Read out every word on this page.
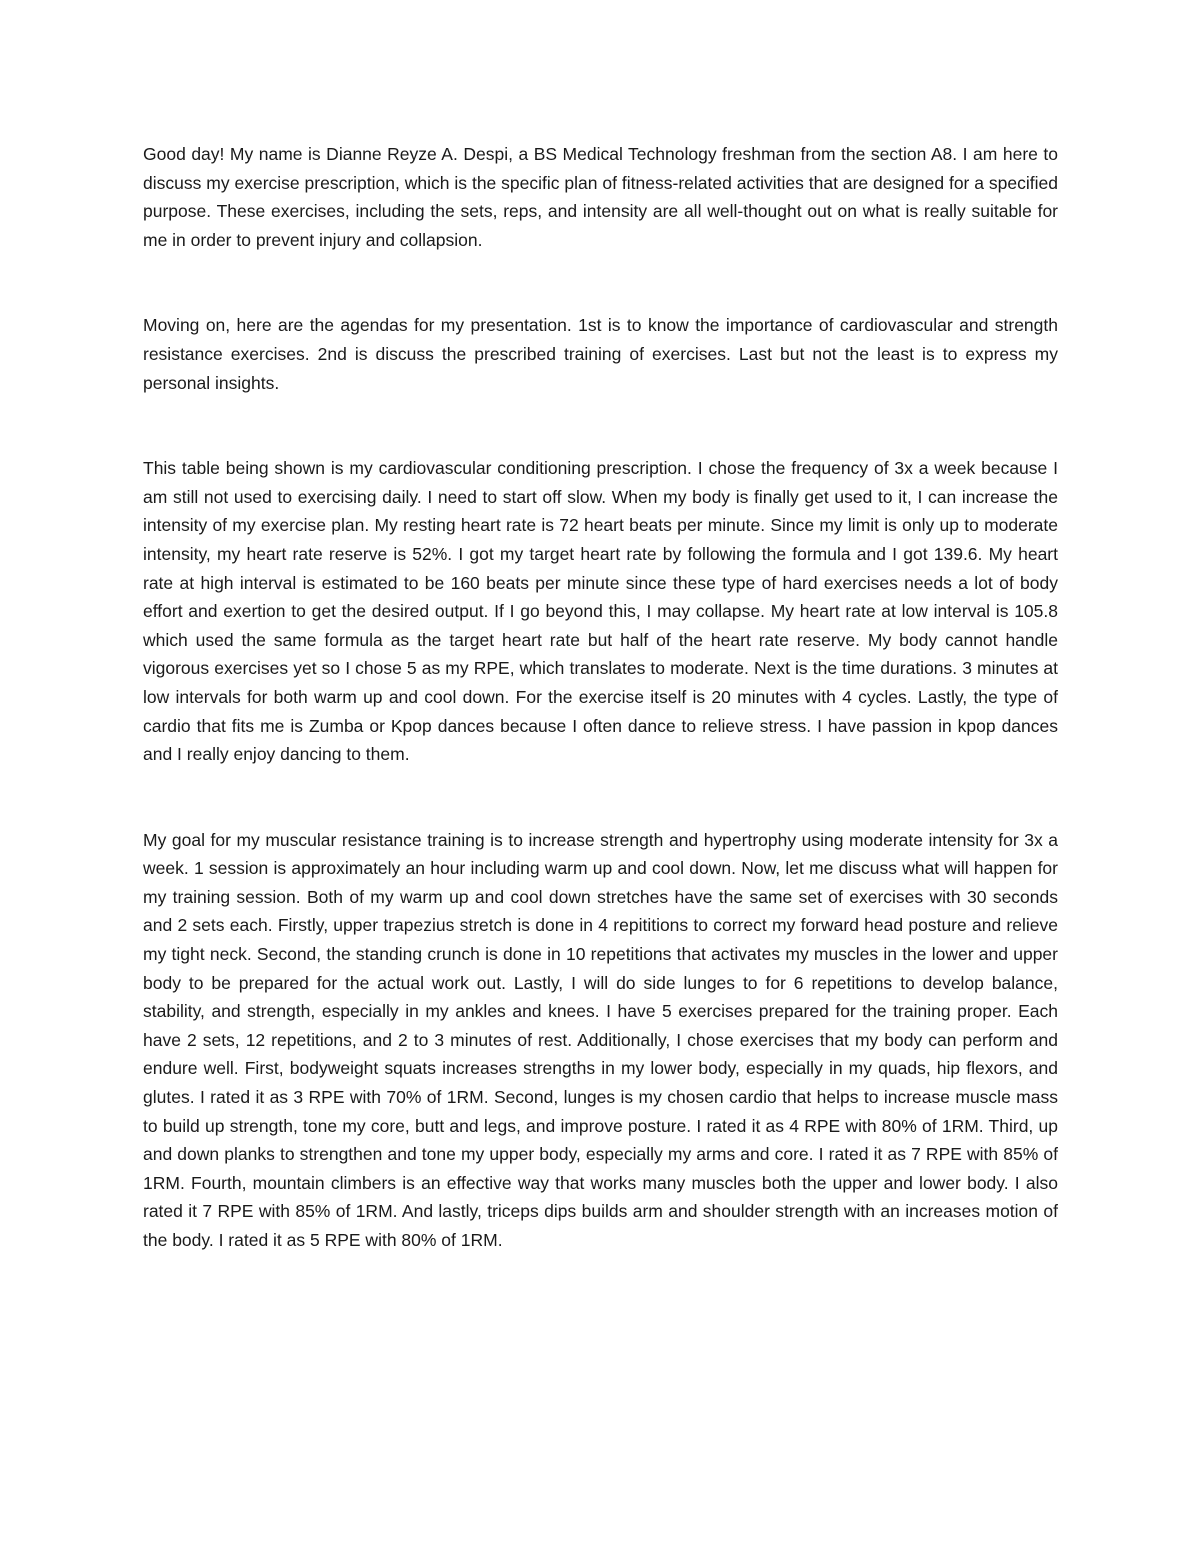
Good day! My name is Dianne Reyze A. Despi, a BS Medical Technology freshman from the section A8. I am here to discuss my exercise prescription, which is the specific plan of fitness-related activities that are designed for a specified purpose. These exercises, including the sets, reps, and intensity are all well-thought out on what is really suitable for me in order to prevent injury and collapsion.

Moving on, here are the agendas for my presentation. 1st is to know the importance of cardiovascular and strength resistance exercises. 2nd is discuss the prescribed training of exercises. Last but not the least is to express my personal insights.

This table being shown is my cardiovascular conditioning prescription. I chose the frequency of 3x a week because I am still not used to exercising daily. I need to start off slow. When my body is finally get used to it, I can increase the intensity of my exercise plan. My resting heart rate is 72 heart beats per minute. Since my limit is only up to moderate intensity, my heart rate reserve is 52%. I got my target heart rate by following the formula and I got 139.6. My heart rate at high interval is estimated to be 160 beats per minute since these type of hard exercises needs a lot of body effort and exertion to get the desired output. If I go beyond this, I may collapse. My heart rate at low interval is 105.8 which used the same formula as the target heart rate but half of the heart rate reserve. My body cannot handle vigorous exercises yet so I chose 5 as my RPE, which translates to moderate. Next is the time durations. 3 minutes at low intervals for both warm up and cool down. For the exercise itself is 20 minutes with 4 cycles. Lastly, the type of cardio that fits me is Zumba or Kpop dances because I often dance to relieve stress. I have passion in kpop dances and I really enjoy dancing to them.

My goal for my muscular resistance training is to increase strength and hypertrophy using moderate intensity for 3x a week. 1 session is approximately an hour including warm up and cool down. Now, let me discuss what will happen for my training session. Both of my warm up and cool down stretches have the same set of exercises with 30 seconds and 2 sets each. Firstly, upper trapezius stretch is done in 4 repititions to correct my forward head posture and relieve my tight neck. Second, the standing crunch is done in 10 repetitions that activates my muscles in the lower and upper body to be prepared for the actual work out. Lastly, I will do side lunges to for 6 repetitions to develop balance, stability, and strength, especially in my ankles and knees. I have 5 exercises prepared for the training proper. Each have 2 sets, 12 repetitions, and 2 to 3 minutes of rest. Additionally, I chose exercises that my body can perform and endure well. First, bodyweight squats increases strengths in my lower body, especially in my quads, hip flexors, and glutes. I rated it as 3 RPE with 70% of 1RM. Second, lunges is my chosen cardio that helps to increase muscle mass to build up strength, tone my core, butt and legs, and improve posture. I rated it as 4 RPE with 80% of 1RM. Third, up and down planks to strengthen and tone my upper body, especially my arms and core. I rated it as 7 RPE with 85% of 1RM. Fourth, mountain climbers is an effective way that works many muscles both the upper and lower body. I also rated it 7 RPE with 85% of 1RM. And lastly, triceps dips builds arm and shoulder strength with an increases motion of the body. I rated it as 5 RPE with 80% of 1RM.
